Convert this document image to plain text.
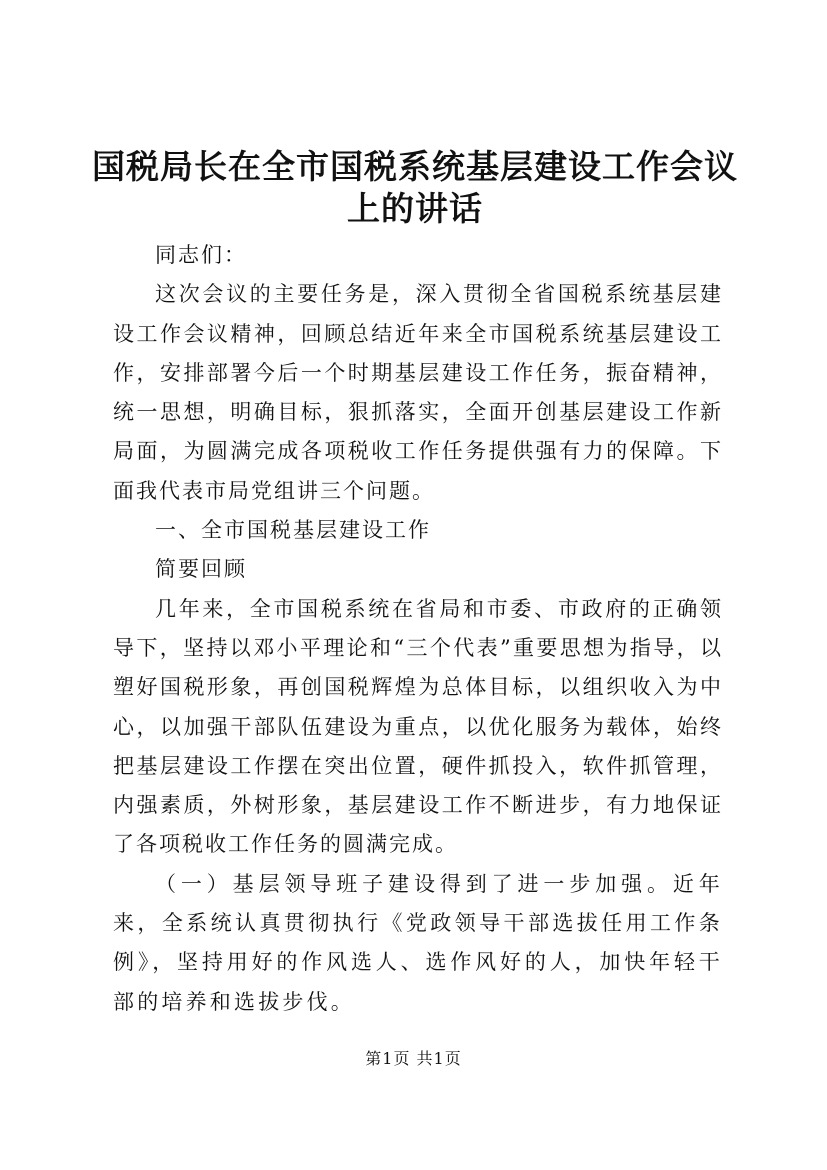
国税局长在全市国税系统基层建设工作会议上的讲话

同志们：

这次会议的主要任务是，深入贯彻全省国税系统基层建设工作会议精神，回顾总结近年来全市国税系统基层建设工作，安排部署今后一个时期基层建设工作任务，振奋精神，统一思想，明确目标，狠抓落实，全面开创基层建设工作新局面，为圆满完成各项税收工作任务提供强有力的保障。下面我代表市局党组讲三个问题。

一、全市国税基层建设工作

简要回顾

几年来，全市国税系统在省局和市委、市政府的正确领导下，坚持以邓小平理论和“三个代表”重要思想为指导，以塑好国税形象，再创国税辉煌为总体目标，以组织收入为中心，以加强干部队伍建设为重点，以优化服务为载体，始终把基层建设工作摆在突出位置，硬件抓投入，软件抓管理，内强素质，外树形象，基层建设工作不断进步，有力地保证了各项税收工作任务的圆满完成。

（一）基层领导班子建设得到了进一步加强。近年来，全系统认真贯彻执行《党政领导干部选拔任用工作条例》，坚持用好的作风选人、选作风好的人，加快年轻干部的培养和选拔步伐。

第1页 共1页
